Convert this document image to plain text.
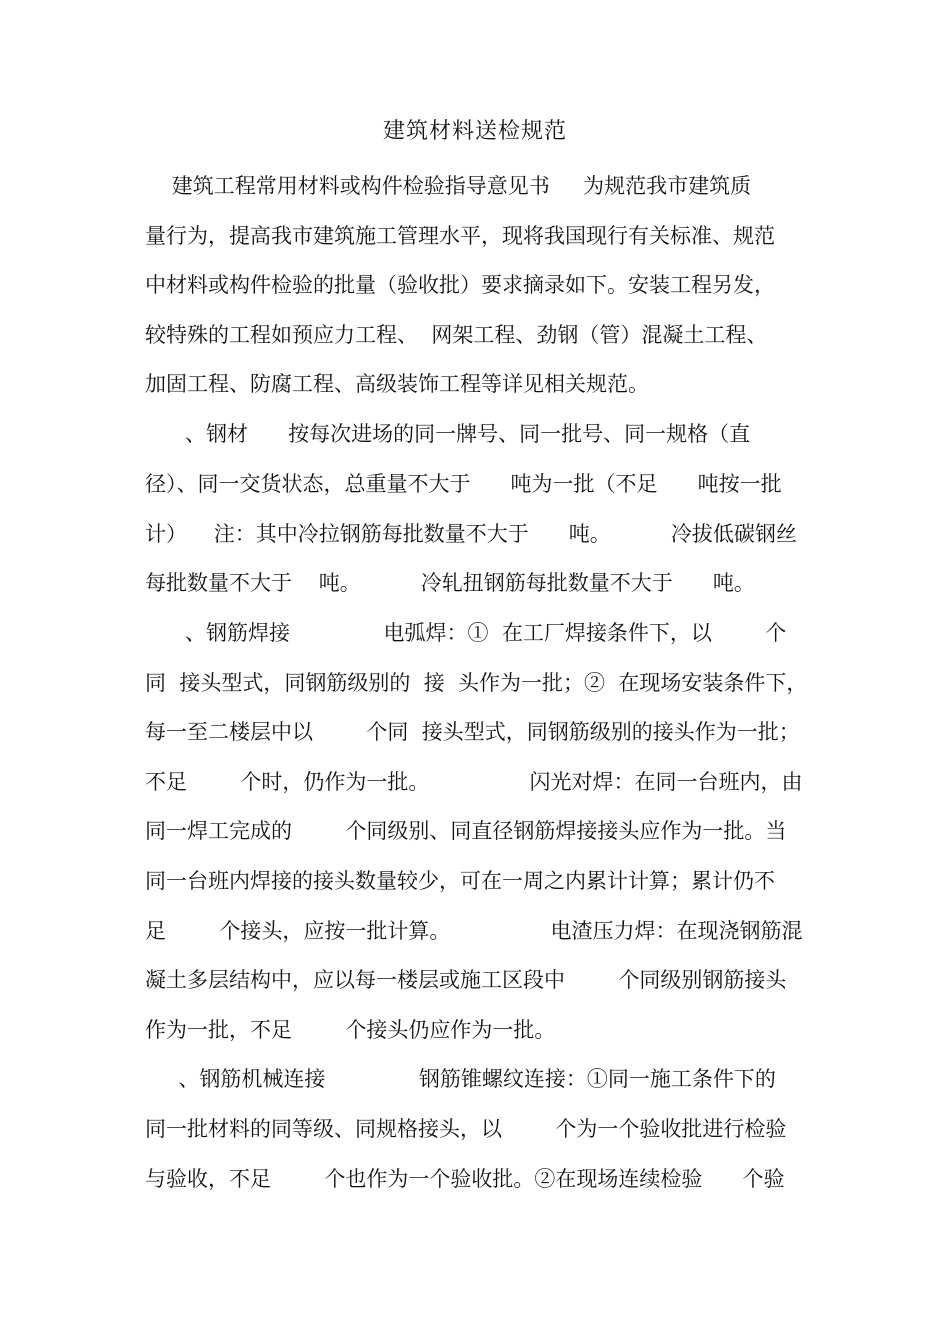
建筑材料送检规范
建筑工程常用材料或构件检验指导意见书     为规范我市建筑质
量行为，提高我市建筑施工管理水平，现将我国现行有关标准、规范
中材料或构件检验的批量（验收批）要求摘录如下。安装工程另发，
较特殊的工程如预应力工程、  网架工程、劲钢（管）混凝土工程、
加固工程、防腐工程、高级装饰工程等详见相关规范。
、钢材      按每次进场的同一牌号、同一批号、同一规格（直
径）、同一交货状态，总重量不大于      吨为一批（不足      吨按一批
计）    注：其中冷拉钢筋每批数量不大于      吨。         冷拔低碳钢丝
每批数量不大于    吨。         冷轧扭钢筋每批数量不大于      吨。
、钢筋焊接              电弧焊：①  在工厂焊接条件下，以        个
同  接头型式，同钢筋级别的  接  头作为一批；②  在现场安装条件下，
每一至二楼层中以        个同  接头型式，同钢筋级别的接头作为一批；
不足        个时，仍作为一批。               闪光对焊：在同一台班内，由
同一焊工完成的        个同级别、同直径钢筋焊接接头应作为一批。当
同一台班内焊接的接头数量较少，可在一周之内累计计算；累计仍不
足        个接头，应按一批计算。               电渣压力焊：在现浇钢筋混
凝土多层结构中，应以每一楼层或施工区段中        个同级别钢筋接头
作为一批，不足        个接头仍应作为一批。
、钢筋机械连接              钢筋锥螺纹连接：①同一施工条件下的
同一批材料的同等级、同规格接头，以        个为一个验收批进行检验
与验收，不足        个也作为一个验收批。②在现场连续检验      个验
